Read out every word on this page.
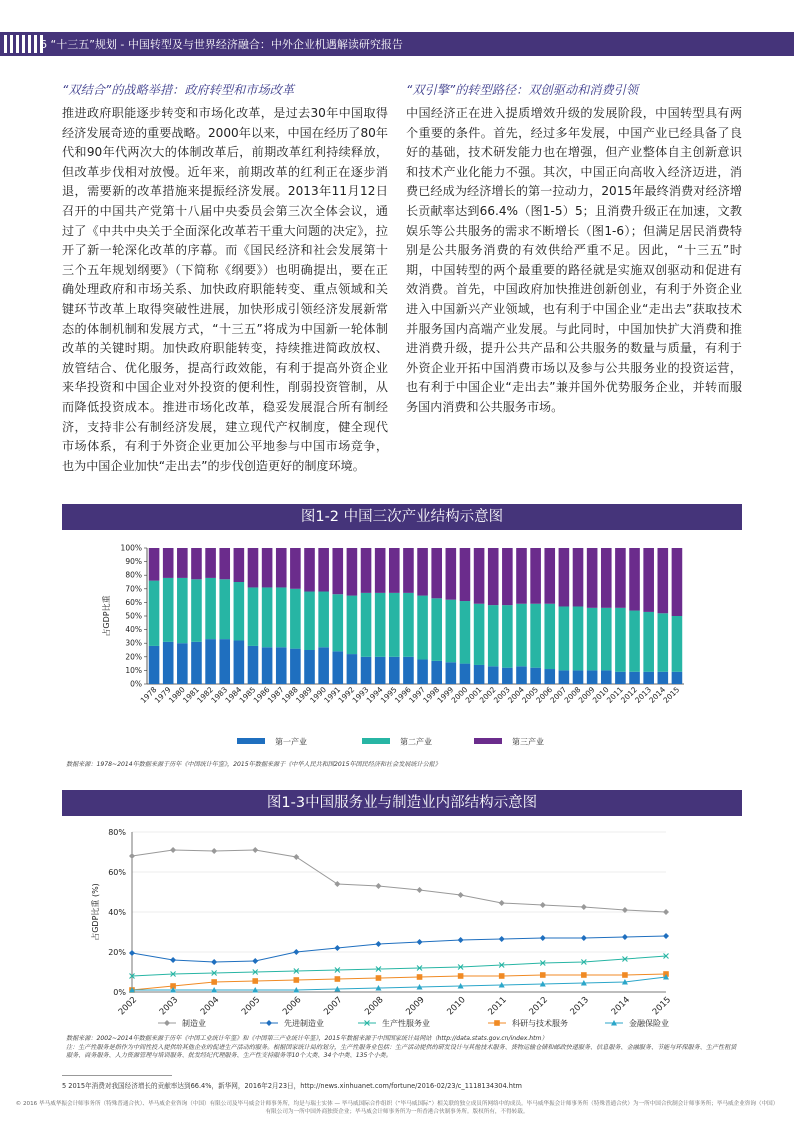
6 “十三五”规划 - 中国转型及与世界经济融合：中外企业机遇解读研究报告
“双结合”的战略举措：政府转型和市场改革
推进政府职能逐步转变和市场化改革，是过去30年中国取得经济发展奇迹的重要战略。2000年以来，中国在经历了80年代和90年代两次大的体制改革后，前期改革红利持续释放，但改革步伐相对放慢。近年来，前期改革的红利正在逐步消退，需要新的改革措施来提振经济发展。2013年11月12日召开的中国共产党第十八届中央委员会第三次全体会议，通过了《中共中央关于全面深化改革若干重大问题的决定》，拉开了新一轮深化改革的序幕。而《国民经济和社会发展第十三个五年规划纲要》（下简称《纲要》）也明确提出，要在正确处理政府和市场关系、加快政府职能转变、重点领域和关键环节改革上取得突破性进展，加快形成引领经济发展新常态的体制机制和发展方式，“十三五”将成为中国新一轮体制改革的关键时期。加快政府职能转变，持续推进简政放权、放管结合、优化服务，提高行政效能，有利于提高外资企业来华投资和中国企业对外投资的便利性，削弱投资管制，从而降低投资成本。推进市场化改革，稳妥发展混合所有制经济，支持非公有制经济发展，建立现代产权制度，健全现代市场体系，有利于外资企业更加公平地参与中国市场竞争，也为中国企业加快“走出去”的步伐创造更好的制度环境。
“双引擎”的转型路径：双创驱动和消费引领
中国经济正在进入提质增效升级的发展阶段，中国转型具有两个重要的条件。首先，经过多年发展，中国产业已经具备了良好的基础，技术研发能力也在增强，但产业整体自主创新意识和技术产业化能力不强。其次，中国正向高收入经济迈进，消费已经成为经济增长的第一拉动力，2015年最终消费对经济增长贡献率达到66.4%（图1-5）5；且消费升级正在加速，文教娱乐等公共服务的需求不断增长（图1-6）；但满足居民消费特别是公共服务消费的有效供给严重不足。因此，“十三五”时期，中国转型的两个最重要的路径就是实施双创驱动和促进有效消费。首先，中国政府加快推进创新创业，有利于外资企业进入中国新兴产业领域，也有利于中国企业“走出去”获取技术并服务国内高端产业发展。与此同时，中国加快扩大消费和推进消费升级，提升公共产品和公共服务的数量与质量，有利于外资企业开拓中国消费市场以及参与公共服务业的投资运营，也有利于中国企业“走出去”兼并国外优势服务企业，并转而服务国内消费和公共服务市场。
图1-2 中国三次产业结构示意图
0%
10%
20%
30%
40%
50%
60%
70%
80%
90%
100%
占GDP比重
1978
1979
1980
1981
1982
1983
1984
1985
1986
1987
1988
1989
1990
1991
1992
1993
1994
1995
1996
1997
1998
1999
2000
2001
2002
2003
2004
2005
2006
2007
2008
2009
2010
2011
2012
2013
2014
2015
第一产业	第二产业	第三产业
数据来源：1978~2014年数据来源于历年《中国统计年鉴》，2015年数据来源于《中华人民共和国2015年国民经济和社会发展统计公报》
图1-3中国服务业与制造业内部结构示意图
0%
20%
40%
60%
80%
占GDP比重 (%)
2002 2003 2004 2005 2006 2007 2008 2009 2010 2011 2012 2013 2014 2015
制造业	先进制造业	生产性服务业	科研与技术服务	金融保险业
数据来源：2002~2014年数据来源于历年《中国工业统计年鉴》和《中国第三产业统计年鉴》，2015年数据来源于中国国家统计局网站（http://data.stats.gov.cn/index.htm）
注：生产性服务是指作为中间性投入提供给其他企业的促进生产活动的服务。根据国家统计局的划分，生产性服务业包括：生产活动提供的研发设计与其他技术服务、货物运输仓储和邮政快递服务、信息服务、金融服务、节能与环保服务、生产性租赁服务、商务服务、人力资源管理与培训服务、批发经纪代理服务、生产性支持服务等10个大类、34个中类、135个小类。
5 2015年消费对我国经济增长的贡献率达到66.4%，新华网，2016年2月23日，http://news.xinhuanet.com/fortune/2016-02/23/c_1118134304.htm
© 2016 毕马威华振会计师事务所（特殊普通合伙）、毕马威企业咨询（中国）有限公司及毕马威会计师事务所，均是与瑞士实体 — 毕马威国际合作组织（“毕马威国际”）相关联的独立成员所网络中的成员。毕马威华振会计师事务所（特殊普通合伙）为一所中国合伙制会计师事务所；毕马威企业咨询（中国）有限公司为一所中国外商独资企业；毕马威会计师事务所为一所香港合伙制事务所。版权所有，不得转载。
